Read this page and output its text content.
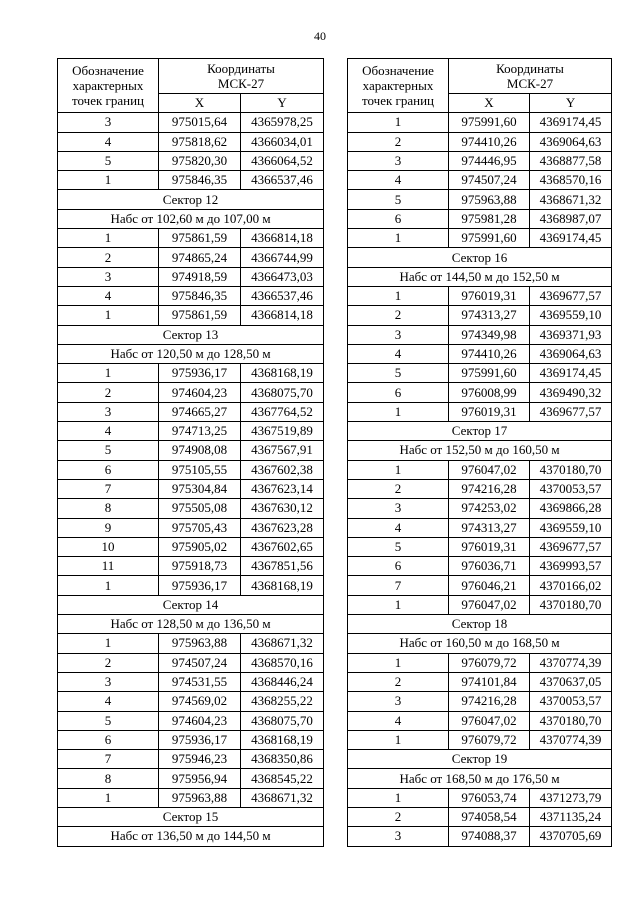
40
Обозначение
характерных
точек границ	Координаты
МСК-27	
	X	Y
3	975015,64	4365978,25
4	975818,62	4366034,01
5	975820,30	4366064,52
1	975846,35	4366537,46
Сектор 12		
Набс от 102,60 м до 107,00 м		
1	975861,59	4366814,18
2	974865,24	4366744,99
3	974918,59	4366473,03
4	975846,35	4366537,46
1	975861,59	4366814,18
Сектор 13		
Набс от 120,50 м до 128,50 м		
1	975936,17	4368168,19
2	974604,23	4368075,70
3	974665,27	4367764,52
4	974713,25	4367519,89
5	974908,08	4367567,91
6	975105,55	4367602,38
7	975304,84	4367623,14
8	975505,08	4367630,12
9	975705,43	4367623,28
10	975905,02	4367602,65
11	975918,73	4367851,56
1	975936,17	4368168,19
Сектор 14		
Набс от 128,50 м до 136,50 м		
1	975963,88	4368671,32
2	974507,24	4368570,16
3	974531,55	4368446,24
4	974569,02	4368255,22
5	974604,23	4368075,70
6	975936,17	4368168,19
7	975946,23	4368350,86
8	975956,94	4368545,22
1	975963,88	4368671,32
Сектор 15		
Набс от 136,50 м до 144,50 м		
Обозначение
характерных
точек границ	Координаты
МСК-27	
	X	Y
1	975991,60	4369174,45
2	974410,26	4369064,63
3	974446,95	4368877,58
4	974507,24	4368570,16
5	975963,88	4368671,32
6	975981,28	4368987,07
1	975991,60	4369174,45
Сектор 16		
Набс от 144,50 м до 152,50 м		
1	976019,31	4369677,57
2	974313,27	4369559,10
3	974349,98	4369371,93
4	974410,26	4369064,63
5	975991,60	4369174,45
6	976008,99	4369490,32
1	976019,31	4369677,57
Сектор 17		
Набс от 152,50 м до 160,50 м		
1	976047,02	4370180,70
2	974216,28	4370053,57
3	974253,02	4369866,28
4	974313,27	4369559,10
5	976019,31	4369677,57
6	976036,71	4369993,57
7	976046,21	4370166,02
1	976047,02	4370180,70
Сектор 18		
Набс от 160,50 м до 168,50 м		
1	976079,72	4370774,39
2	974101,84	4370637,05
3	974216,28	4370053,57
4	976047,02	4370180,70
1	976079,72	4370774,39
Сектор 19		
Набс от 168,50 м до 176,50 м		
1	976053,74	4371273,79
2	974058,54	4371135,24
3	974088,37	4370705,69
